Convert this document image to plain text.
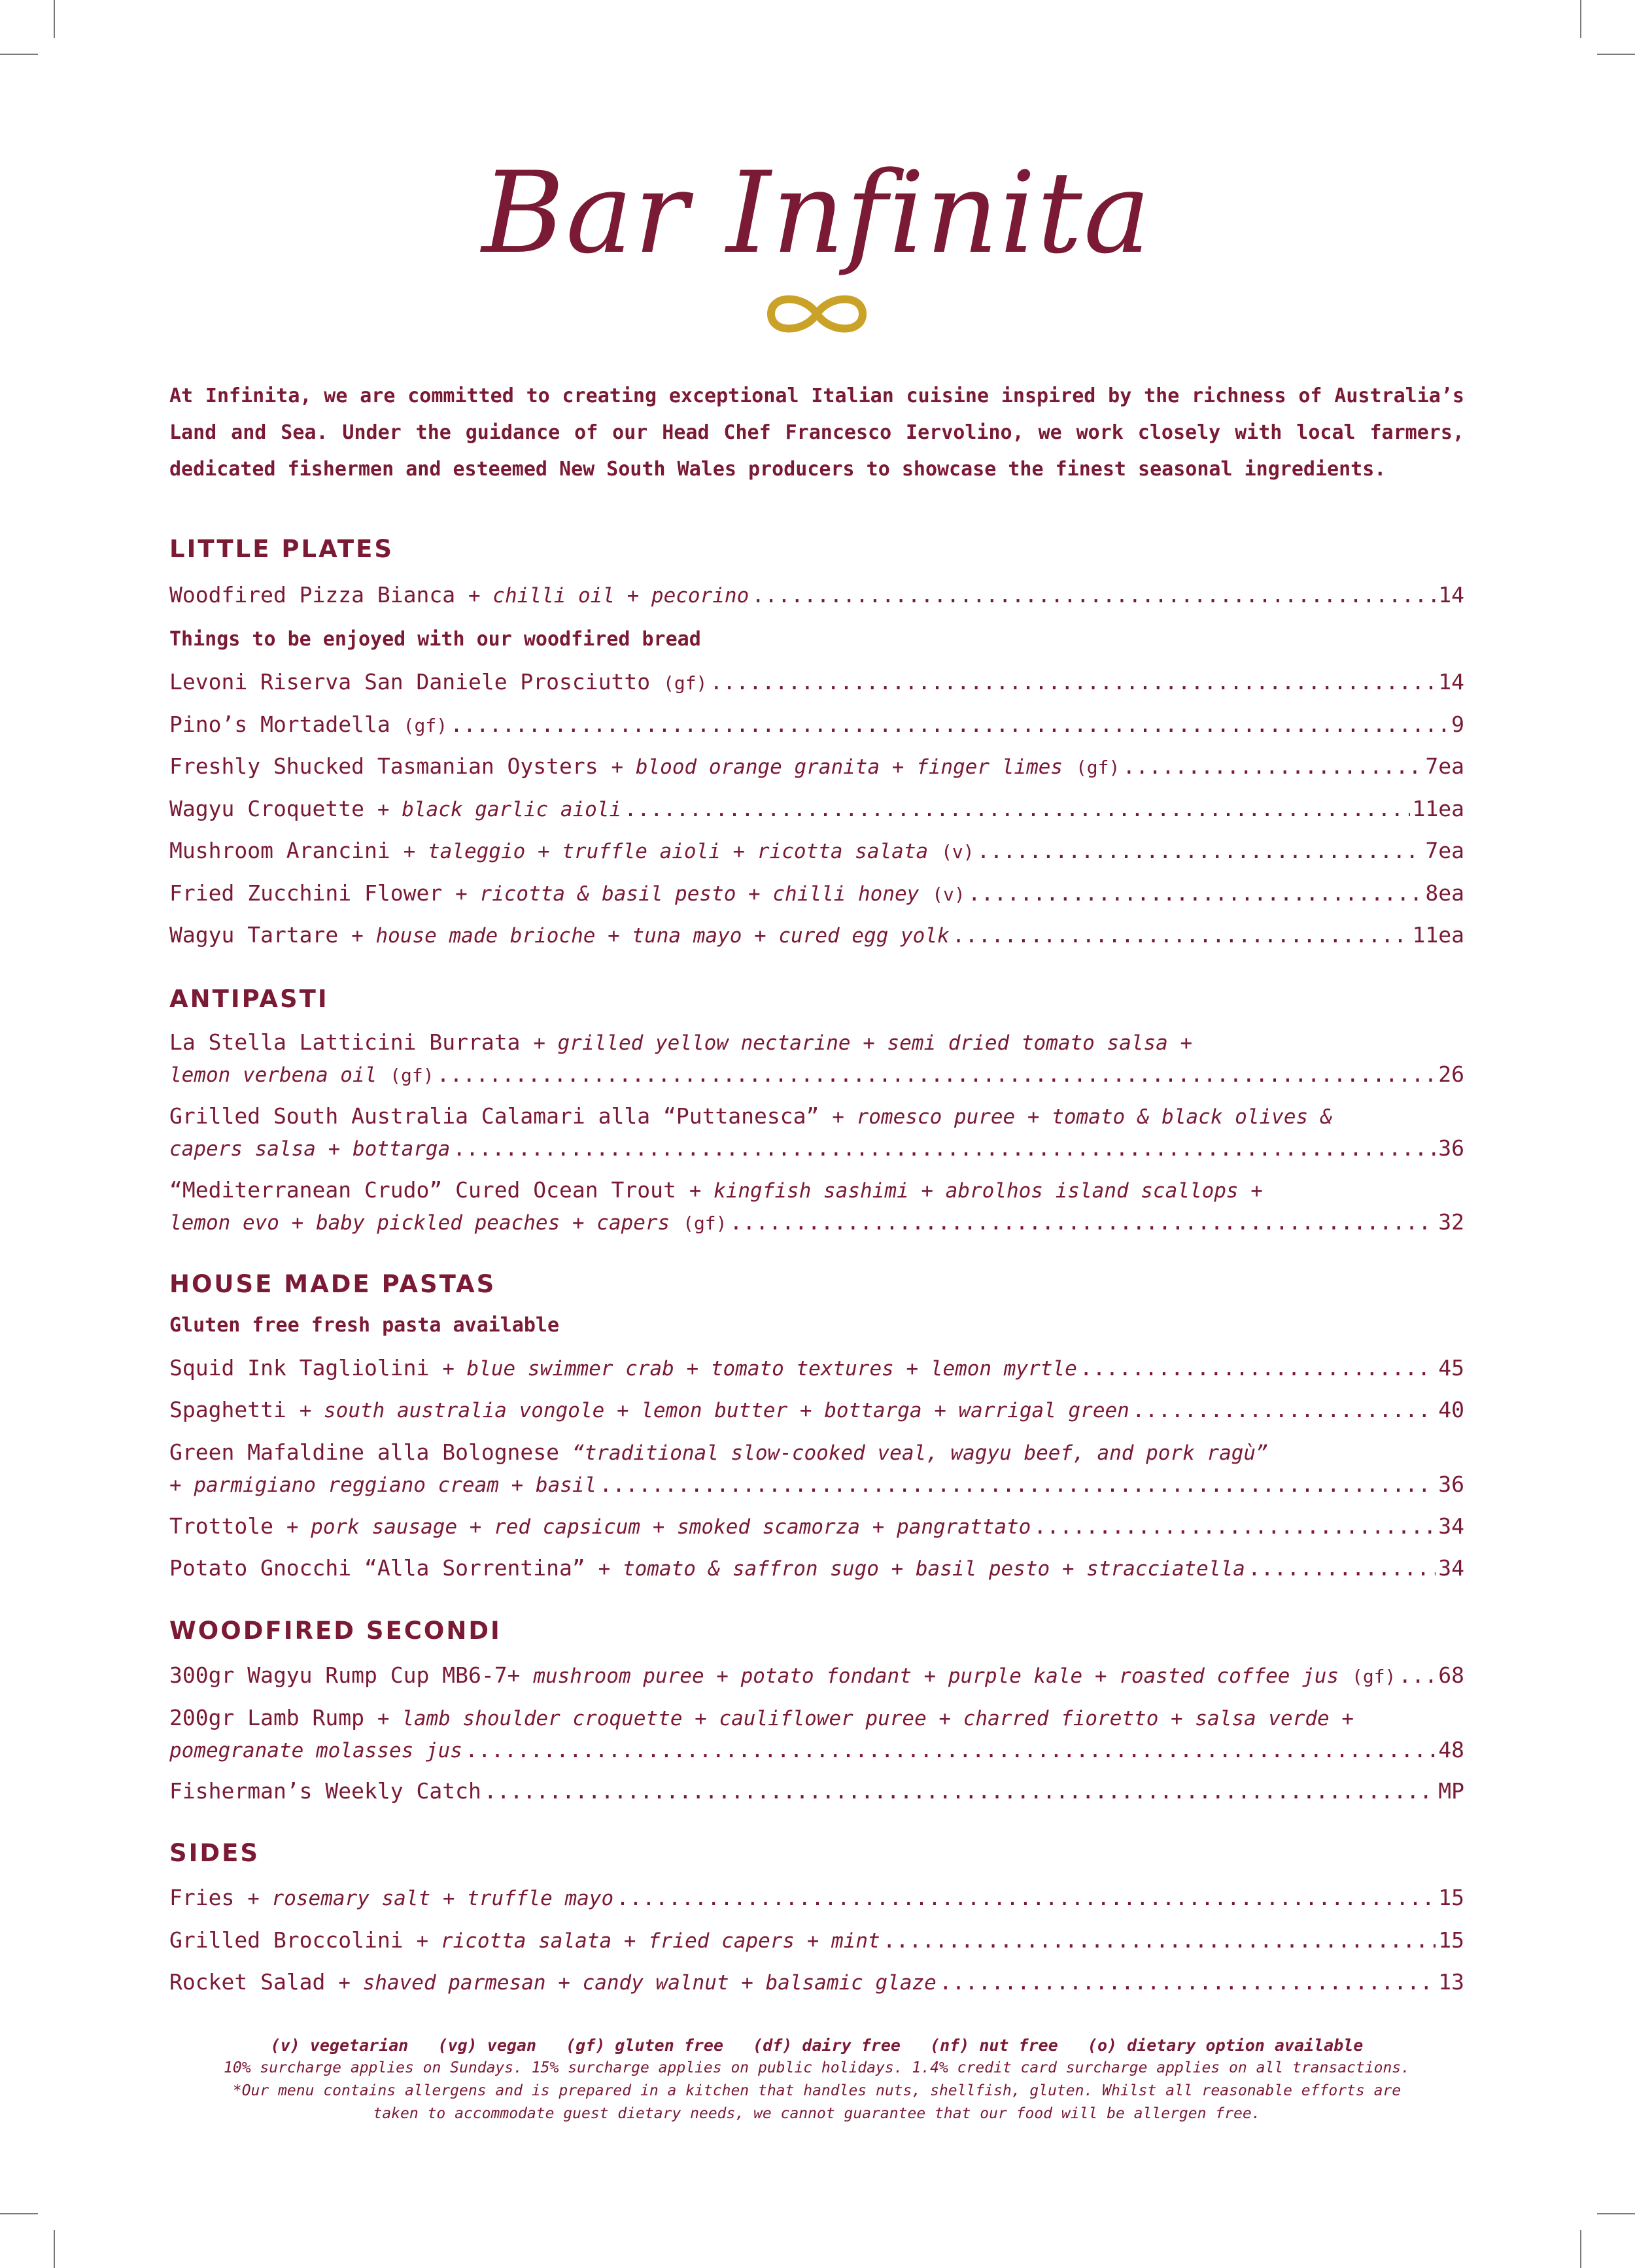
Bar Infinita
At Infinita, we are committed to creating exceptional Italian cuisine inspired by the richness of Australia’s Land and Sea. Under the guidance of our Head Chef Francesco Iervolino, we work closely with local farmers, dedicated fishermen and esteemed New South Wales producers to showcase the finest seasonal ingredients.
LITTLE PLATES
Woodfired Pizza Bianca
+ chilli oil + pecorino .....	14
Things to be enjoyed with our woodfired bread
Levoni Riserva San Daniele Prosciutto
(gf) .....	14
Pino’s Mortadella
(gf) .....	9
Freshly Shucked Tasmanian Oysters
+ blood orange granita + finger limes
(gf) .....	7ea
Wagyu Croquette
+ black garlic aioli .....	11ea
Mushroom Arancini
+ taleggio + truffle aioli + ricotta salata
(v) .....	7ea
Fried Zucchini Flower
+ ricotta & basil pesto + chilli honey
(v) .....	8ea
Wagyu Tartare
+ house made brioche + tuna mayo + cured egg yolk .....	11ea
ANTIPASTI
La Stella Latticini Burrata
+ grilled yellow nectarine + semi dried tomato salsa +
lemon verbena oil
(gf) .....	26
Grilled South Australia Calamari alla “Puttanesca”
+ romesco puree + tomato & black olives &
capers salsa + bottarga .....	36
“Mediterranean Crudo” Cured Ocean Trout
+ kingfish sashimi + abrolhos island scallops +
lemon evo + baby pickled peaches + capers
(gf) .....	32
HOUSE MADE PASTAS
Gluten free fresh pasta available
Squid Ink Tagliolini
+ blue swimmer crab + tomato textures + lemon myrtle .....	45
Spaghetti
+ south australia vongole + lemon butter + bottarga + warrigal green .....	40
Green Mafaldine alla Bolognese
“traditional slow-cooked veal, wagyu beef, and pork ragù”
+ parmigiano reggiano cream + basil .....	36
Trottole
+ pork sausage + red capsicum + smoked scamorza + pangrattato .....	34
Potato Gnocchi “Alla Sorrentina”
+ tomato & saffron sugo + basil pesto + stracciatella .....	34
WOODFIRED SECONDI
300gr Wagyu Rump Cup MB6-7+
mushroom puree + potato fondant + purple kale + roasted coffee jus
(gf) ..... 68
200gr Lamb Rump
+ lamb shoulder croquette + cauliflower puree + charred fioretto + salsa verde +
pomegranate molasses jus .....	48
Fisherman’s Weekly Catch .....	MP
SIDES
Fries
+ rosemary salt + truffle mayo .....	15
Grilled Broccolini
+ ricotta salata + fried capers + mint .....	15
Rocket Salad
+ shaved parmesan + candy walnut + balsamic glaze .....	13
(v) vegetarian   (vg) vegan   (gf) gluten free   (df) dairy free   (nf) nut free   (o) dietary option available
10% surcharge applies on Sundays. 15% surcharge applies on public holidays. 1.4% credit card surcharge applies on all transactions.
*Our menu contains allergens and is prepared in a kitchen that handles nuts, shellfish, gluten. Whilst all reasonable efforts are
taken to accommodate guest dietary needs, we cannot guarantee that our food will be allergen free.
